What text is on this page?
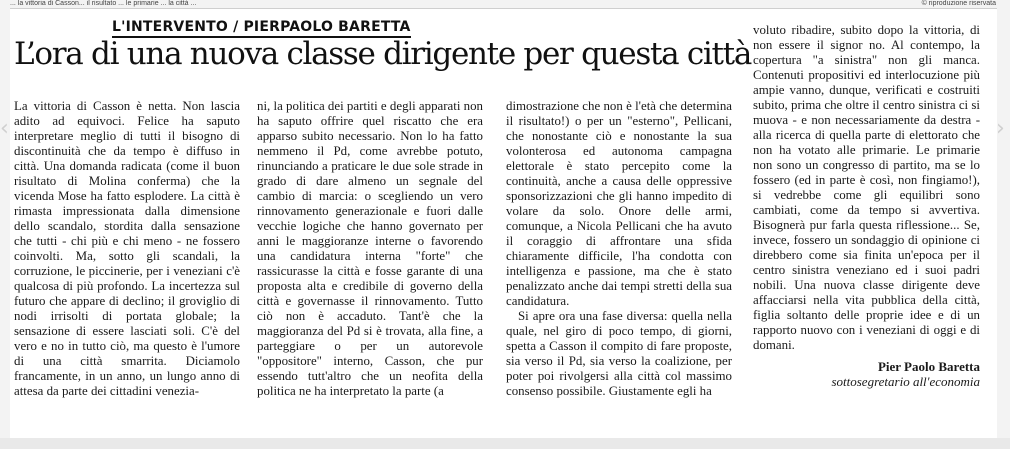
... la vittoria di Casson... il risultato ... le primarie ... la città ...	© riproduzione riservata
L'INTERVENTO / PIERPAOLO BARETTA
L’ora di una nuova classe dirigente per questa città

La vittoria di Casson è netta. Non lascia adito ad equivoci. Felice ha saputo interpretare meglio di tutti il bisogno di discontinuità che da tempo è diffuso in città. Una domanda radicata (come il buon risultato di Molina conferma) che la vicenda Mose ha fatto esplodere. La città è rimasta impressionata dalla dimensione dello scandalo, stordita dalla sensazione che tutti - chi più e chi meno - ne fossero coinvolti. Ma, sotto gli scandali, la corruzione, le piccinerie, per i veneziani c'è qualcosa di più profondo. La incertezza sul futuro che appare di declino; il groviglio di nodi irrisolti di portata globale; la sensazione di essere lasciati soli. C'è del vero e no in tutto ciò, ma questo è l'umore di una città smarrita. Diciamolo francamente, in un anno, un lungo anno di attesa da parte dei cittadini venezia-

ni, la politica dei partiti e degli apparati non ha saputo offrire quel riscatto che era apparso subito necessario. Non lo ha fatto nemmeno il Pd, come avrebbe potuto, rinunciando a praticare le due sole strade in grado di dare almeno un segnale del cambio di marcia: o scegliendo un vero rinnovamento generazionale e fuori dalle vecchie logiche che hanno governato per anni le maggioranze interne o favorendo una candidatura interna "forte" che rassicurasse la città e fosse garante di una proposta alta e credibile di governo della città e governasse il rinnovamento. Tutto ciò non è accaduto. Tant'è che la maggioranza del Pd si è trovata, alla fine, a parteggiare o per un autorevole "oppositore" interno, Casson, che pur essendo tutt'altro che un neofita della politica ne ha interpretato la parte (a

dimostrazione che non è l'età che determina il risultato!) o per un "esterno", Pellicani, che nonostante ciò e nonostante la sua volonterosa ed autonoma campagna elettorale è stato percepito come la continuità, anche a causa delle oppressive sponsorizzazioni che gli hanno impedito di volare da solo. Onore delle armi, comunque, a Nicola Pellicani che ha avuto il coraggio di affrontare una sfida chiaramente difficile, l'ha condotta con intelligenza e passione, ma che è stato penalizzato anche dai tempi stretti della sua candidatura.

Si apre ora una fase diversa: quella nella quale, nel giro di poco tempo, di giorni, spetta a Casson il compito di fare proposte, sia verso il Pd, sia verso la coalizione, per poter poi rivolgersi alla città col massimo consenso possibile. Giustamente egli ha

voluto ribadire, subito dopo la vittoria, di non essere il signor no. Al contempo, la copertura "a sinistra" non gli manca. Contenuti propositivi ed interlocuzione più ampie vanno, dunque, verificati e costruiti subito, prima che oltre il centro sinistra ci si muova - e non necessariamente da destra - alla ricerca di quella parte di elettorato che non ha votato alle primarie. Le primarie non sono un congresso di partito, ma se lo fossero (ed in parte è così, non fingiamo!), si vedrebbe come gli equilibri sono cambiati, come da tempo si avvertiva. Bisognerà pur farla questa riflessione... Se, invece, fossero un sondaggio di opinione ci direbbero come sia finita un'epoca per il centro sinistra veneziano ed i suoi padri nobili. Una nuova classe dirigente deve affacciarsi nella vita pubblica della città, figlia soltanto delle proprie idee e di un rapporto nuovo con i veneziani di oggi e di domani.

Pier Paolo Baretta
sottosegretario all'economia
‹	›
